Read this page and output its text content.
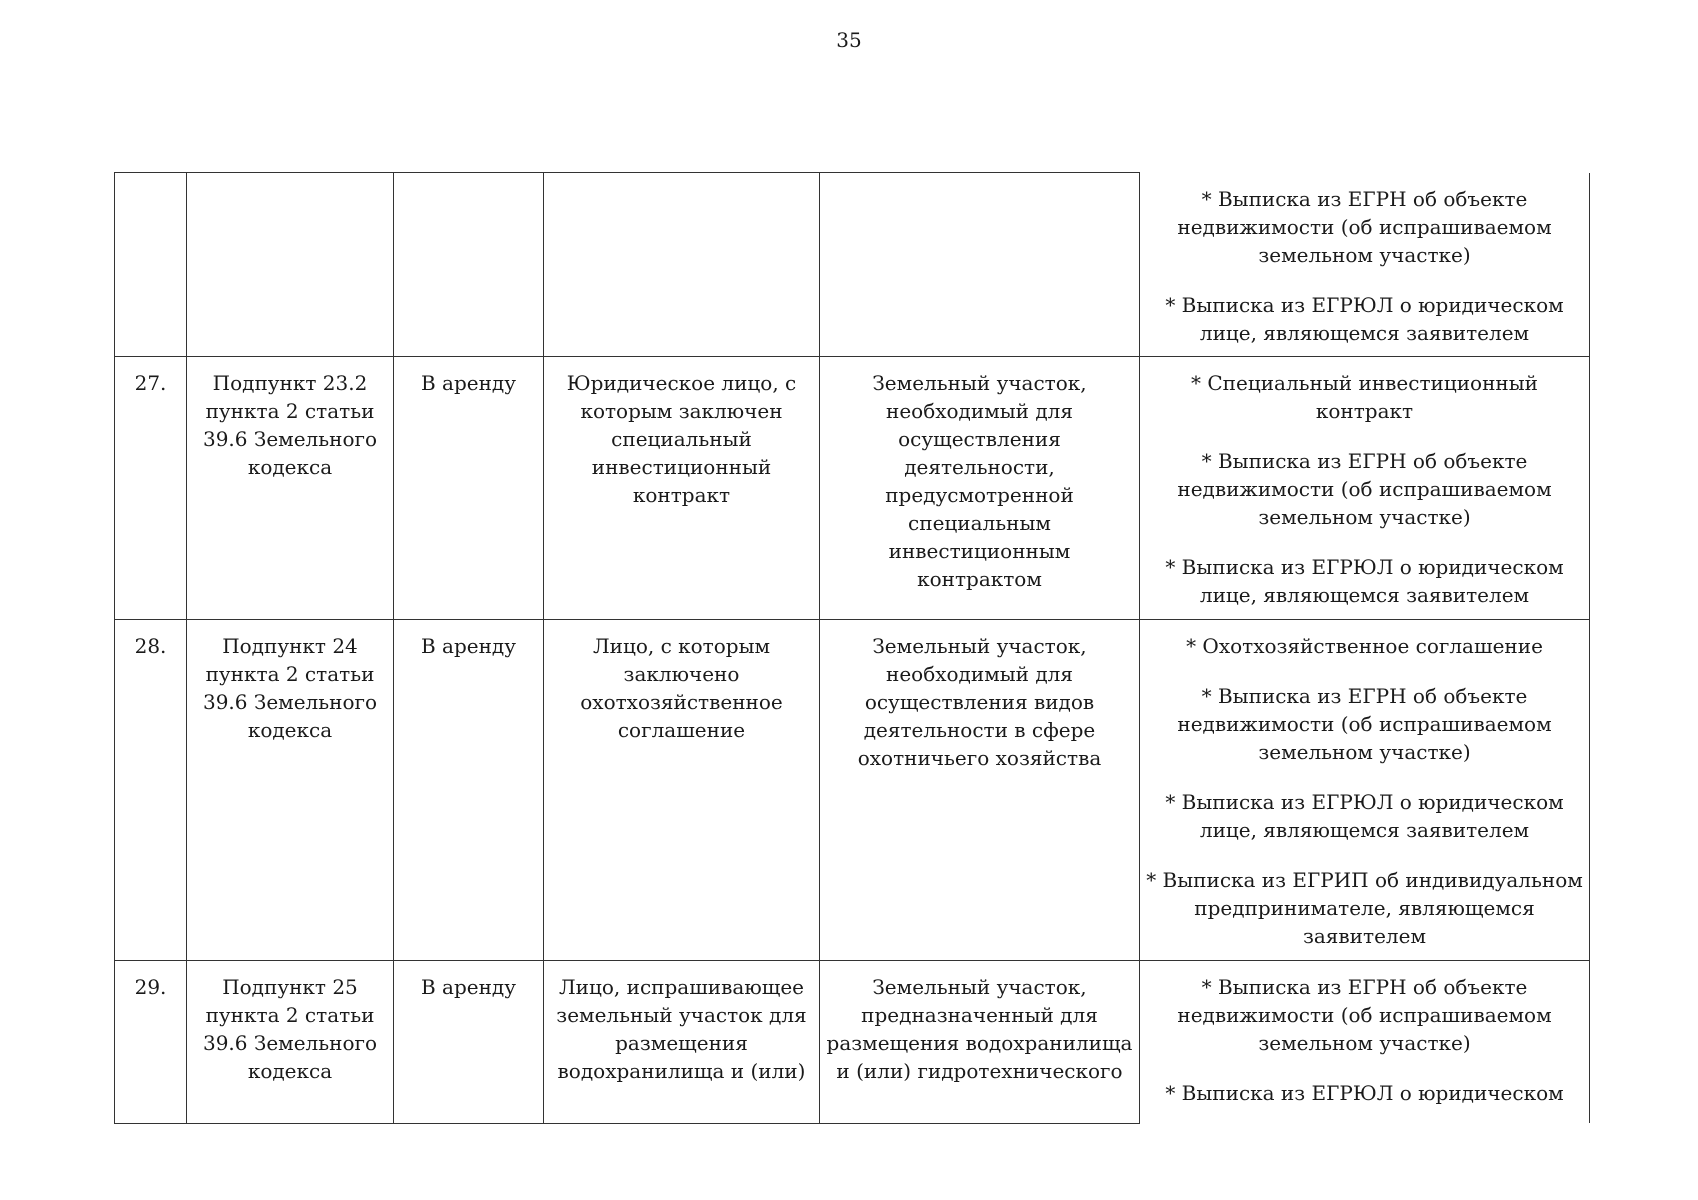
35

					* Выписка из ЕГРН об объекте недвижимости (об испрашиваемом земельном участке)

* Выписка из ЕГРЮЛ о юридическом лице, являющемся заявителем

27.	Подпункт 23.2 пункта 2 статьи 39.6 Земельного кодекса	В аренду	Юридическое лицо, с которым заключен специальный инвестиционный контракт	Земельный участок, необходимый для осуществления деятельности, предусмотренной специальным инвестиционным контрактом	* Специальный инвестиционный контракт

* Выписка из ЕГРН об объекте недвижимости (об испрашиваемом земельном участке)

* Выписка из ЕГРЮЛ о юридическом лице, являющемся заявителем

28.	Подпункт 24 пункта 2 статьи 39.6 Земельного кодекса	В аренду	Лицо, с которым заключено охотхозяйственное соглашение	Земельный участок, необходимый для осуществления видов деятельности в сфере охотничьего хозяйства	* Охотхозяйственное соглашение

* Выписка из ЕГРН об объекте недвижимости (об испрашиваемом земельном участке)

* Выписка из ЕГРЮЛ о юридическом лице, являющемся заявителем

* Выписка из ЕГРИП об индивидуальном предпринимателе, являющемся заявителем

29.	Подпункт 25 пункта 2 статьи 39.6 Земельного кодекса	В аренду	Лицо, испрашивающее земельный участок для размещения водохранилища и (или)	Земельный участок, предназначенный для размещения водохранилища и (или) гидротехнического	* Выписка из ЕГРН об объекте недвижимости (об испрашиваемом земельном участке)

* Выписка из ЕГРЮЛ о юридическом
